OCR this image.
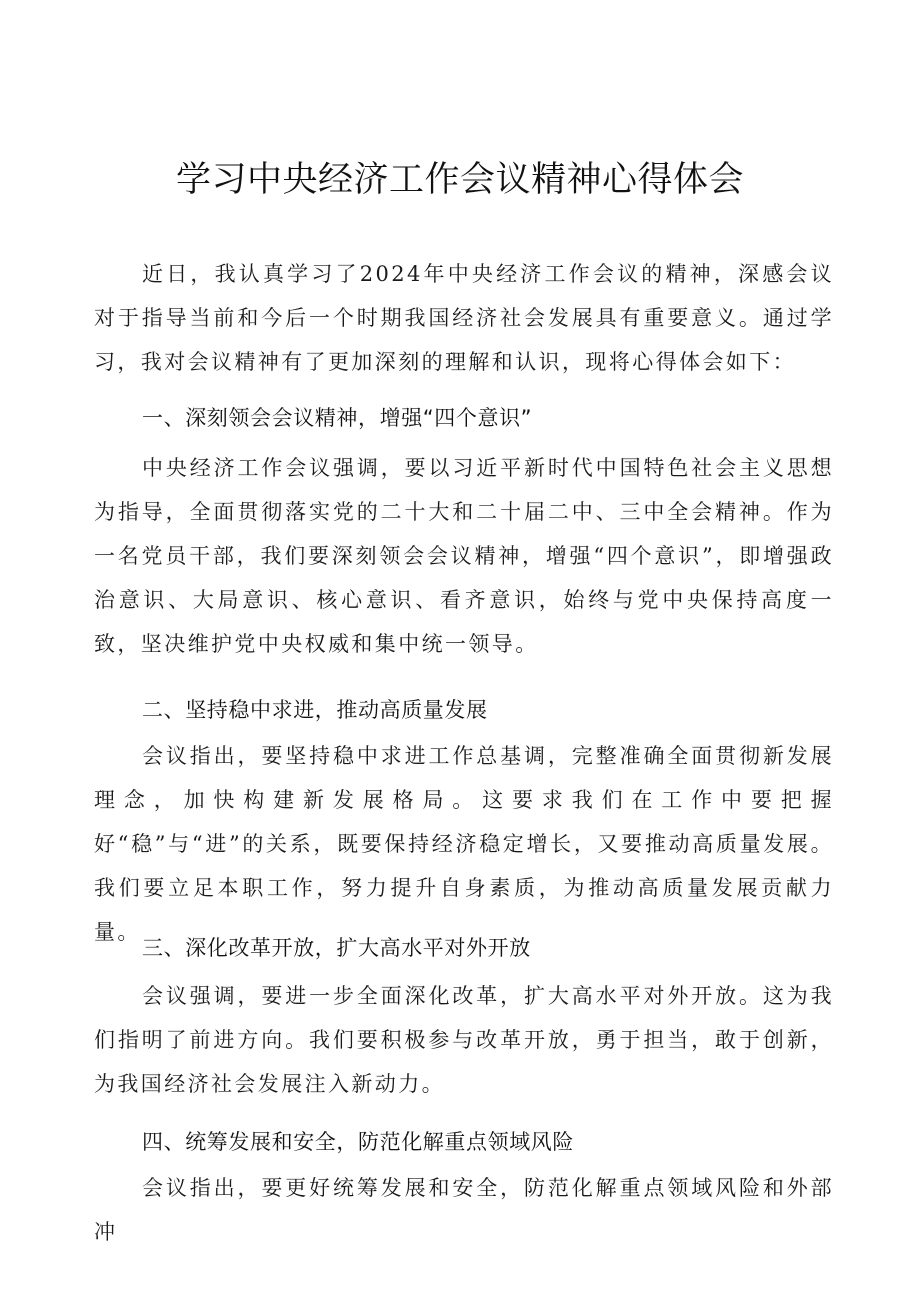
学习中央经济工作会议精神心得体会

近日，我认真学习了2024年中央经济工作会议的精神，深感会议对于指导当前和今后一个时期我国经济社会发展具有重要意义。通过学习，我对会议精神有了更加深刻的理解和认识，现将心得体会如下：

一、深刻领会会议精神，增强“四个意识”

中央经济工作会议强调，要以习近平新时代中国特色社会主义思想为指导，全面贯彻落实党的二十大和二十届二中、三中全会精神。作为一名党员干部，我们要深刻领会会议精神，增强“四个意识”，即增强政治意识、大局意识、核心意识、看齐意识，始终与党中央保持高度一致，坚决维护党中央权威和集中统一领导。

二、坚持稳中求进，推动高质量发展

会议指出，要坚持稳中求进工作总基调，完整准确全面贯彻新发展理念，加快构建新发展格局。这要求我们在工作中要把握好“稳”与“进”的关系，既要保持经济稳定增长，又要推动高质量发展。我们要立足本职工作，努力提升自身素质，为推动高质量发展贡献力量。

三、深化改革开放，扩大高水平对外开放

会议强调，要进一步全面深化改革，扩大高水平对外开放。这为我们指明了前进方向。我们要积极参与改革开放，勇于担当，敢于创新，为我国经济社会发展注入新动力。

四、统筹发展和安全，防范化解重点领域风险

会议指出，要更好统筹发展和安全，防范化解重点领域风险和外部冲
